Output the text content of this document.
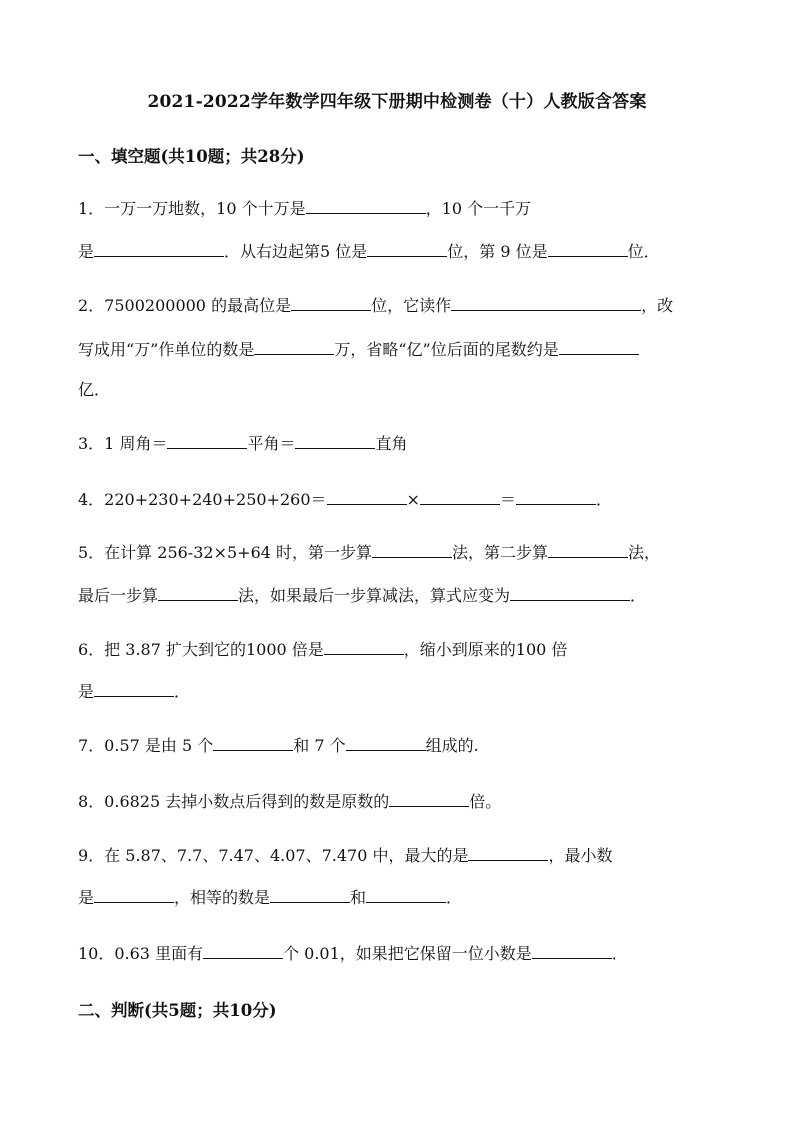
2021-2022学年数学四年级下册期中检测卷（十）人教版含答案
一、填空题(共10题；共28分)
1．一万一万地数，10 个十万是	，10 个一千万
是	．从右边起第5 位是	位，第 9 位是	位．
2．7500200000 的最高位是	位，它读作	，改
写成用“万”作单位的数是	万，省略“亿”位后面的尾数约是
亿．
3．1 周角＝	平角＝	直角
4．220+230+240+250+260＝	×	＝	．
5．在计算 256-32×5+64 时，第一步算	法，第二步算	法，
最后一步算	法，如果最后一步算减法，算式应变为	．
6．把 3.87 扩大到它的1000 倍是	，缩小到原来的100 倍
是	．
7．0.57 是由 5 个	和 7 个	组成的.
8．0.6825 去掉小数点后得到的数是原数的	倍。
9．在 5.87、7.7、7.47、4.07、7.470 中，最大的是	，最小数
是	，相等的数是	和	．
10．0.63 里面有	个 0.01，如果把它保留一位小数是	．
二、判断(共5题；共10分)
